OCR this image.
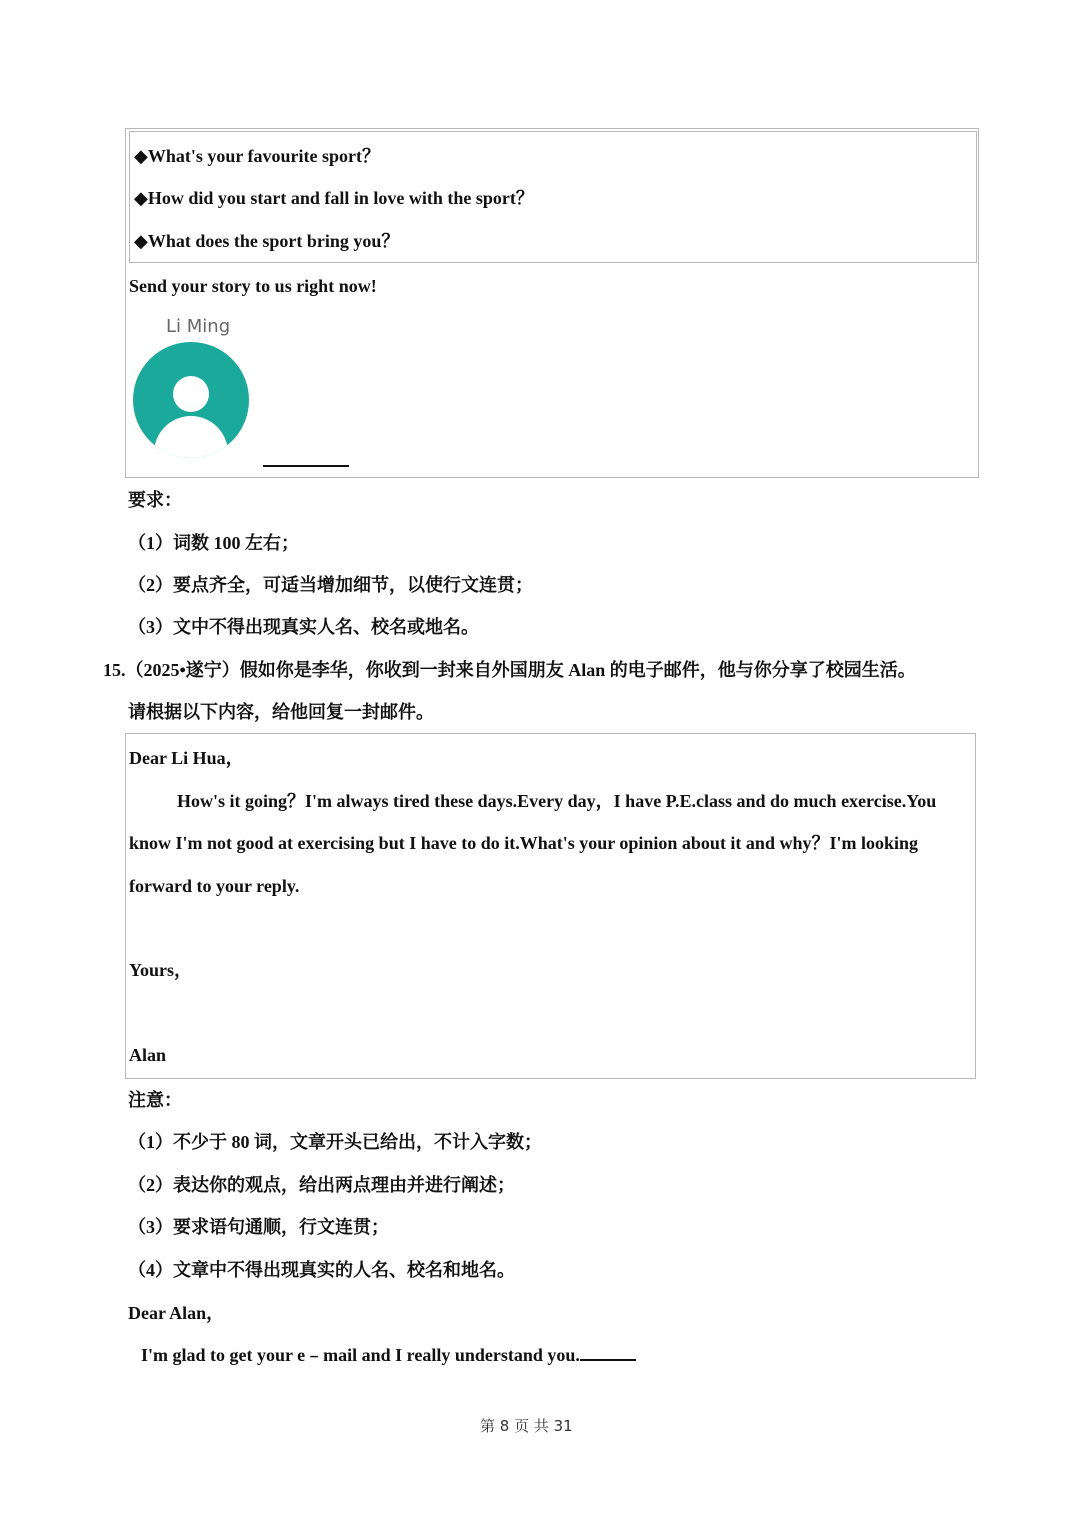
◆What's your favourite sport？
◆How did you start and fall in love with the sport？
◆What does the sport bring you？
Send your story to us right now!
Li Ming
要求：
（1）词数 100 左右；
（2）要点齐全，可适当增加细节，以使行文连贯；
（3）文中不得出现真实人名、校名或地名。
15.（2025•遂宁）假如你是李华，你收到一封来自外国朋友 Alan 的电子邮件，他与你分享了校园生活。
请根据以下内容，给他回复一封邮件。
Dear Li Hua，
How's it going？I'm always tired these days.Every day，I have P.E.class and do much exercise.You
know I'm not good at exercising but I have to do it.What's your opinion about it and why？I'm looking
forward to your reply.
Yours，
Alan
注意：
（1）不少于 80 词，文章开头已给出，不计入字数；
（2）表达你的观点，给出两点理由并进行阐述；
（3）要求语句通顺，行文连贯；
（4）文章中不得出现真实的人名、校名和地名。
Dear Alan，
I'm glad to get your e﹣mail and I really understand you.
第 8 页 共 31
